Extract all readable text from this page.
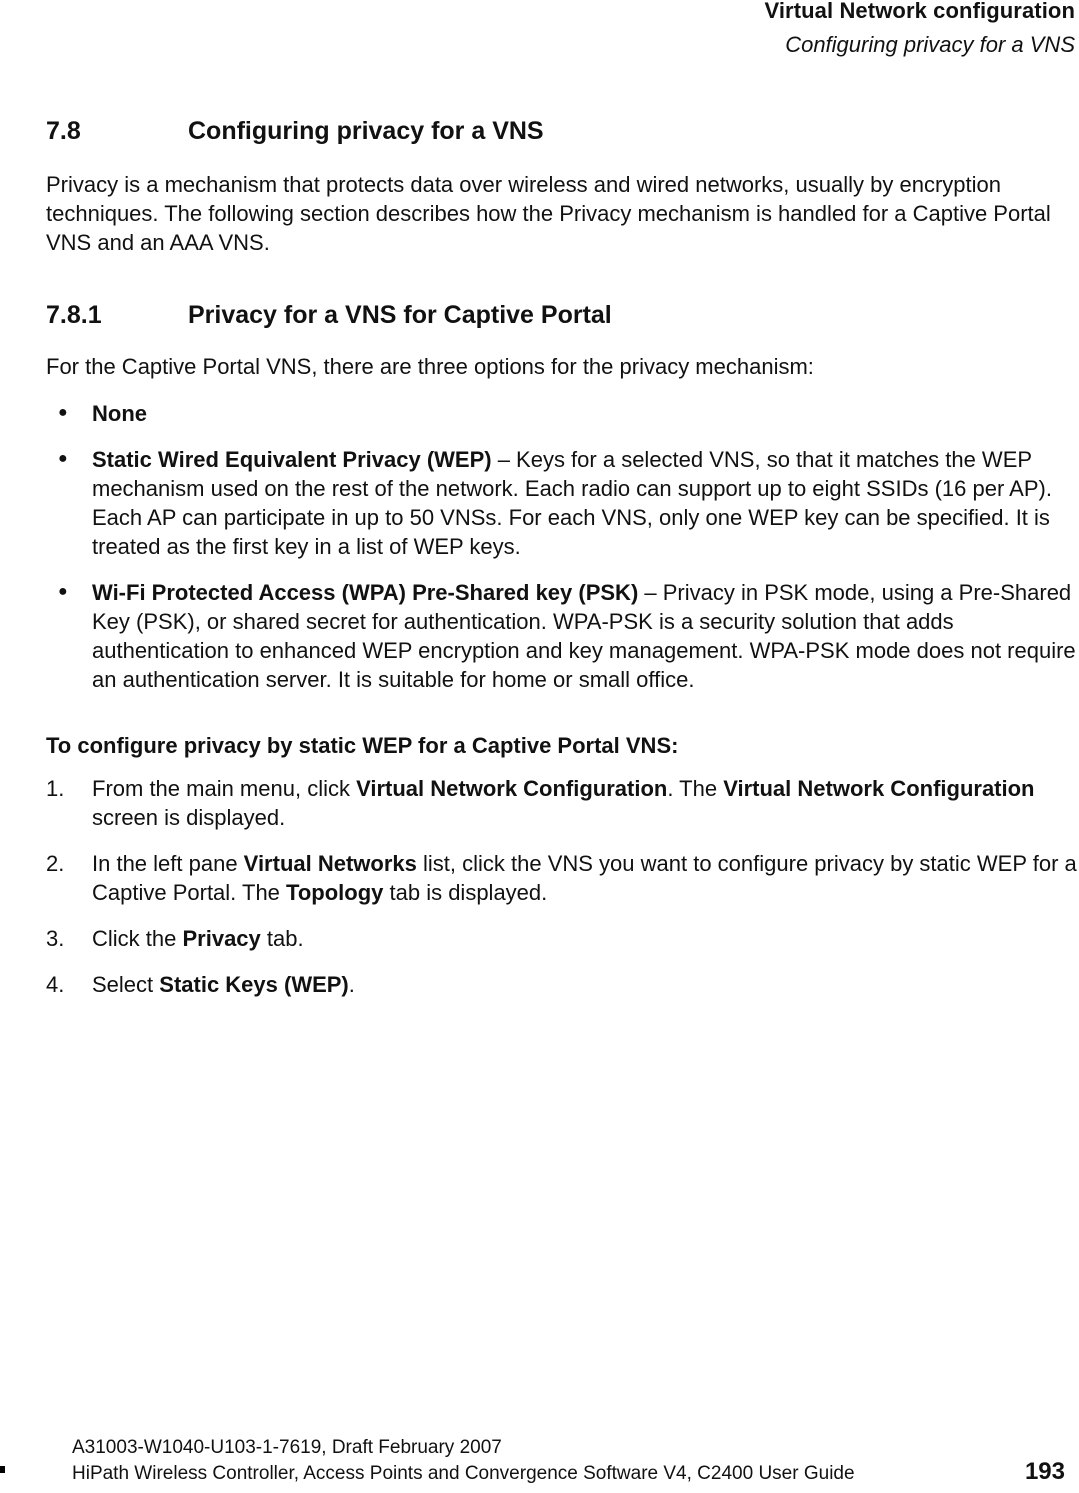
Virtual Network configuration
Configuring privacy for a VNS
7.8	Configuring privacy for a VNS
Privacy is a mechanism that protects data over wireless and wired networks, usually by encryption techniques. The following section describes how the Privacy mechanism is handled for a Captive Portal VNS and an AAA VNS.
7.8.1	Privacy for a VNS for Captive Portal
For the Captive Portal VNS, there are three options for the privacy mechanism:
● None
● Static Wired Equivalent Privacy (WEP) – Keys for a selected VNS, so that it matches the WEP mechanism used on the rest of the network. Each radio can support up to eight SSIDs (16 per AP). Each AP can participate in up to 50 VNSs. For each VNS, only one WEP key can be specified. It is treated as the first key in a list of WEP keys.
● Wi-Fi Protected Access (WPA) Pre-Shared key (PSK) – Privacy in PSK mode, using a Pre-Shared Key (PSK), or shared secret for authentication. WPA-PSK is a security solution that adds authentication to enhanced WEP encryption and key management. WPA-PSK mode does not require an authentication server. It is suitable for home or small office.
To configure privacy by static WEP for a Captive Portal VNS:
1. From the main menu, click Virtual Network Configuration. The Virtual Network Configuration screen is displayed.
2. In the left pane Virtual Networks list, click the VNS you want to configure privacy by static WEP for a Captive Portal. The Topology tab is displayed.
3. Click the Privacy tab.
4. Select Static Keys (WEP).
A31003-W1040-U103-1-7619, Draft February 2007
HiPath Wireless Controller, Access Points and Convergence Software V4, C2400 User Guide	193
